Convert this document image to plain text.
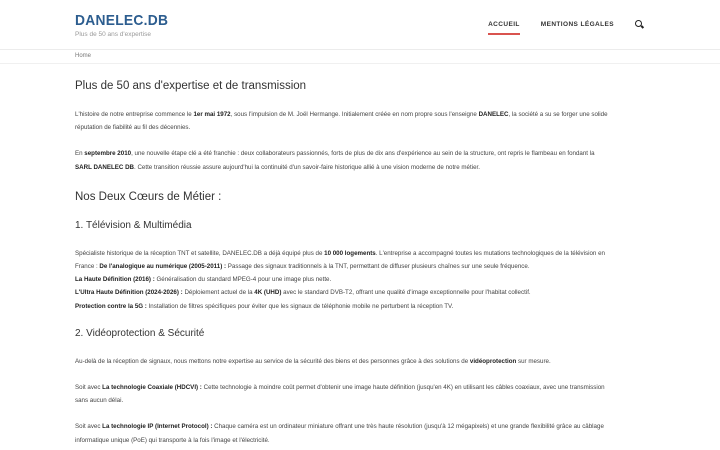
DANELEC.DB
Plus de 50 ans d'expertise
ACCUEIL	MENTIONS LÉGALES
Home
Plus de 50 ans d'expertise et de transmission

L'histoire de notre entreprise commence le 1er mai 1972, sous l'impulsion de M. Joël Hermange. Initialement créée en nom propre sous l'enseigne DANELEC, la société a su se forger une solide
réputation de fiabilité au fil des décennies.

En septembre 2010, une nouvelle étape clé a été franchie : deux collaborateurs passionnés, forts de plus de dix ans d'expérience au sein de la structure, ont repris le flambeau en fondant la
SARL DANELEC DB. Cette transition réussie assure aujourd'hui la continuité d'un savoir-faire historique allié à une vision moderne de notre métier.

Nos Deux Cœurs de Métier :
1. Télévision & Multimédia

Spécialiste historique de la réception TNT et satellite, DANELEC.DB a déjà équipé plus de 10 000 logements. L'entreprise a accompagné toutes les mutations technologiques de la télévision en
France : De l'analogique au numérique (2005-2011) : Passage des signaux traditionnels à la TNT, permettant de diffuser plusieurs chaînes sur une seule fréquence.
La Haute Définition (2016) : Généralisation du standard MPEG-4 pour une image plus nette.
L'Ultra Haute Définition (2024-2026) : Déploiement actuel de la 4K (UHD) avec le standard DVB-T2, offrant une qualité d'image exceptionnelle pour l'habitat collectif.
Protection contre la 5G : Installation de filtres spécifiques pour éviter que les signaux de téléphonie mobile ne perturbent la réception TV.

2. Vidéoprotection & Sécurité

Au-delà de la réception de signaux, nous mettons notre expertise au service de la sécurité des biens et des personnes grâce à des solutions de vidéoprotection sur mesure.

Soit avec La technologie Coaxiale (HDCVI) : Cette technologie à moindre coût permet d'obtenir une image haute définition (jusqu'en 4K) en utilisant les câbles coaxiaux, avec une transmission
sans aucun délai.

Soit avec La technologie IP (Internet Protocol) : Chaque caméra est un ordinateur miniature offrant une très haute résolution (jusqu'à 12 mégapixels) et une grande flexibilité grâce au câblage
informatique unique (PoE) qui transporte à la fois l'image et l'électricité.
